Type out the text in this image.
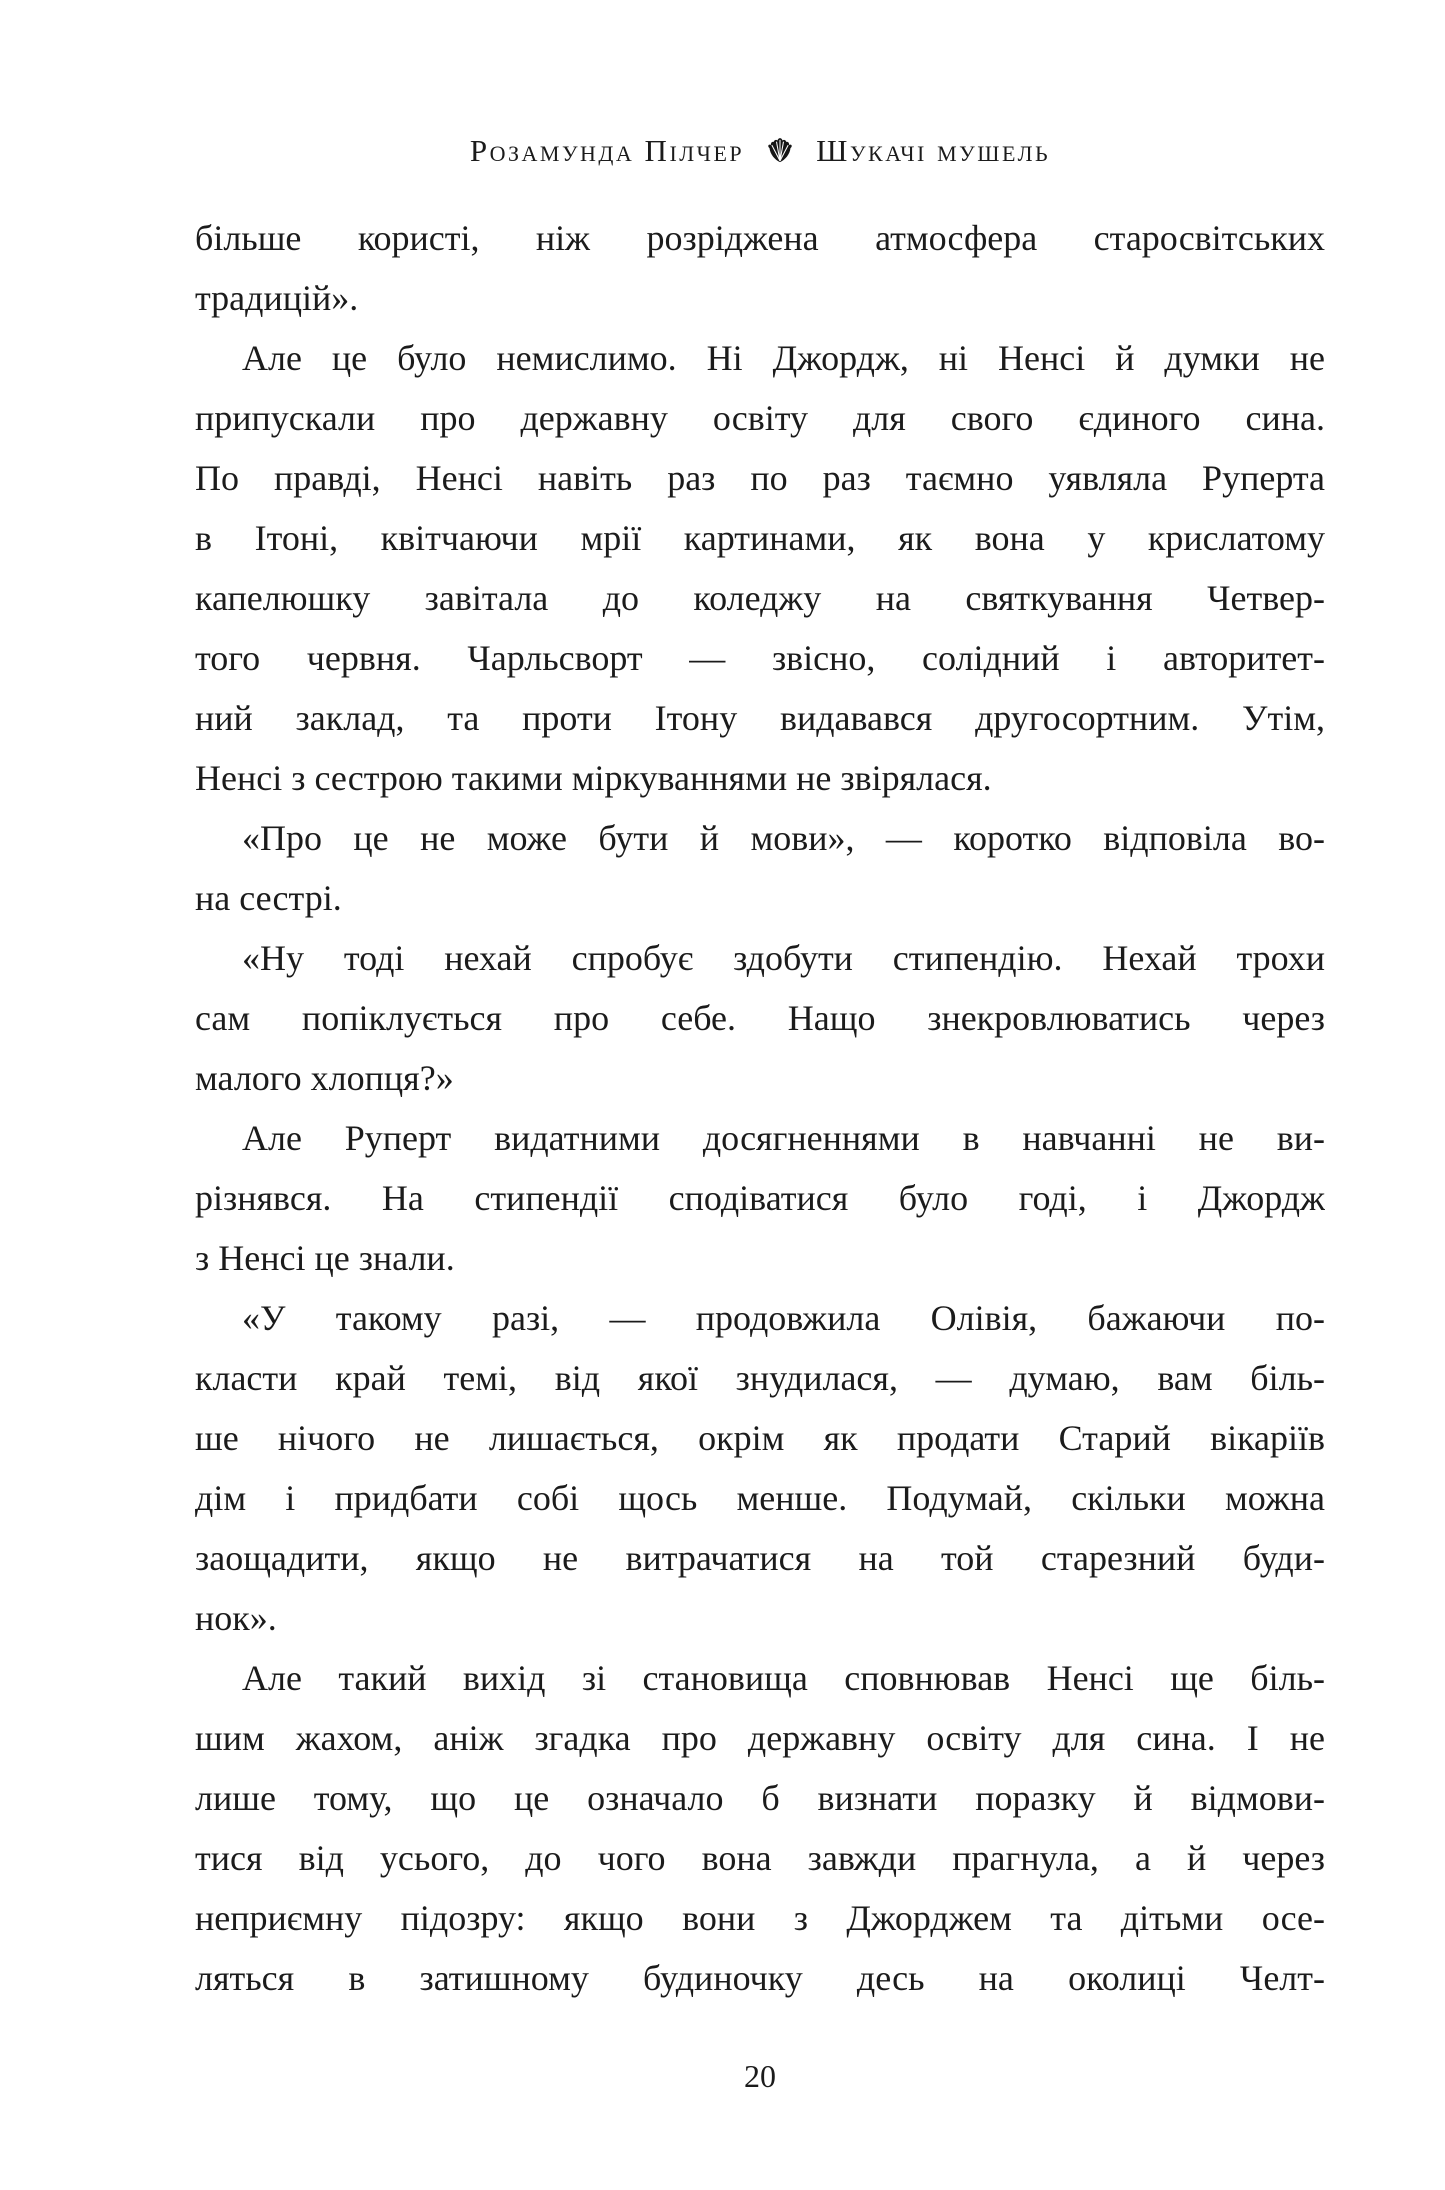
Розамунда Пілчер Шукачі мушель
більше користі, ніж розріджена атмосфера старосвітських
традицій».
Але це було немислимо. Ні Джордж, ні Ненсі й думки не
припускали про державну освіту для свого єдиного сина.
По правді, Ненсі навіть раз по раз таємно уявляла Руперта
в Ітоні, квітчаючи мрії картинами, як вона у крислатому
капелюшку завітала до коледжу на святкування Четвер-
того червня. Чарльсворт — звісно, солідний і авторитет-
ний заклад, та проти Ітону видавався другосортним. Утім,
Ненсі з сестрою такими міркуваннями не звірялася.
«Про це не може бути й мови», — коротко відповіла во-
на сестрі.
«Ну тоді нехай спробує здобути стипендію. Нехай трохи
сам попіклується про себе. Нащо знекровлюватись через
малого хлопця?»
Але Руперт видатними досягненнями в навчанні не ви-
різнявся. На стипендії сподіватися було годі, і Джордж
з Ненсі це знали.
«У такому разі, — продовжила Олівія, бажаючи по-
класти край темі, від якої знудилася, — думаю, вам біль-
ше нічого не лишається, окрім як продати Старий вікаріїв
дім і придбати собі щось менше. Подумай, скільки можна
заощадити, якщо не витрачатися на той старезний буди-
нок».
Але такий вихід зі становища сповнював Ненсі ще біль-
шим жахом, аніж згадка про державну освіту для сина. І не
лише тому, що це означало б визнати поразку й відмови-
тися від усього, до чого вона завжди прагнула, а й через
неприємну підозру: якщо вони з Джорджем та дітьми осе-
ляться в затишному будиночку десь на околиці Челт-
20
